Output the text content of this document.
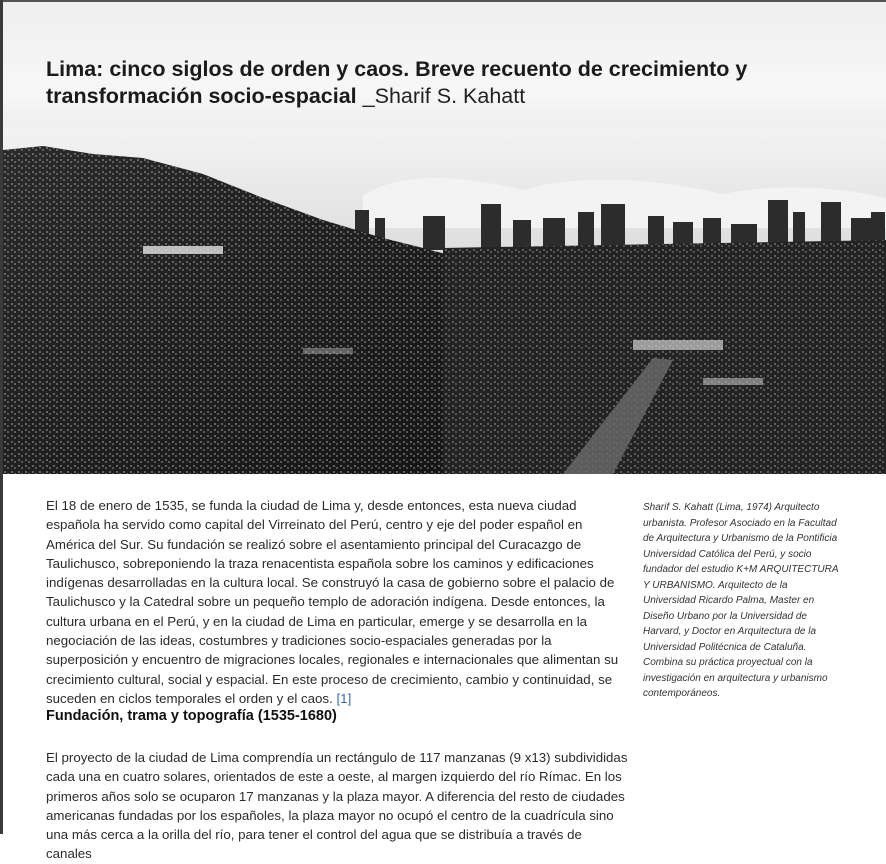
Lima: cinco siglos de orden y caos. Breve recuento de crecimiento y transformación socio-espacial _Sharif S. Kahatt

El 18 de enero de 1535, se funda la ciudad de Lima y, desde entonces, esta nueva ciudad española ha servido como capital del Virreinato del Perú, centro y eje del poder español en América del Sur. Su fundación se realizó sobre el asentamiento principal del Curacazgo de Taulichusco, sobreponiendo la traza renacentista española sobre los caminos y edificaciones indígenas desarrolladas en la cultura local. Se construyó la casa de gobierno sobre el palacio de Taulichusco y la Catedral sobre un pequeño templo de adoración indígena. Desde entonces, la cultura urbana en el Perú, y en la ciudad de Lima en particular, emerge y se desarrolla en la negociación de las ideas, costumbres y tradiciones socio-espaciales generadas por la superposición y encuentro de migraciones locales, regionales e internacionales que alimentan su crecimiento cultural, social y espacial. En este proceso de crecimiento, cambio y continuidad, se suceden en ciclos temporales el orden y el caos. [1]

Fundación, trama y topografía (1535-1680)

El proyecto de la ciudad de Lima comprendía un rectángulo de 117 manzanas (9 x13) subdivididas cada una en cuatro solares, orientados de este a oeste, al margen izquierdo del río Rímac. En los primeros años solo se ocuparon 17 manzanas y la plaza mayor. A diferencia del resto de ciudades americanas fundadas por los españoles, la plaza mayor no ocupó el centro de la cuadrícula sino una más cerca a la orilla del río, para tener el control del agua que se distribuía a través de canales

Sharif S. Kahatt (Lima, 1974) Arquitecto urbanista. Profesor Asociado en la Facultad de Arquitectura y Urbanismo de la Pontificia Universidad Católica del Perú, y socio fundador del estudio K+M ARQUITECTURA Y URBANISMO. Arquitecto de la Universidad Ricardo Palma, Master en Diseño Urbano por la Universidad de Harvard, y Doctor en Arquitectura de la Universidad Politécnica de Cataluña. Combina su práctica proyectual con la investigación en arquitectura y urbanismo contemporáneos.
